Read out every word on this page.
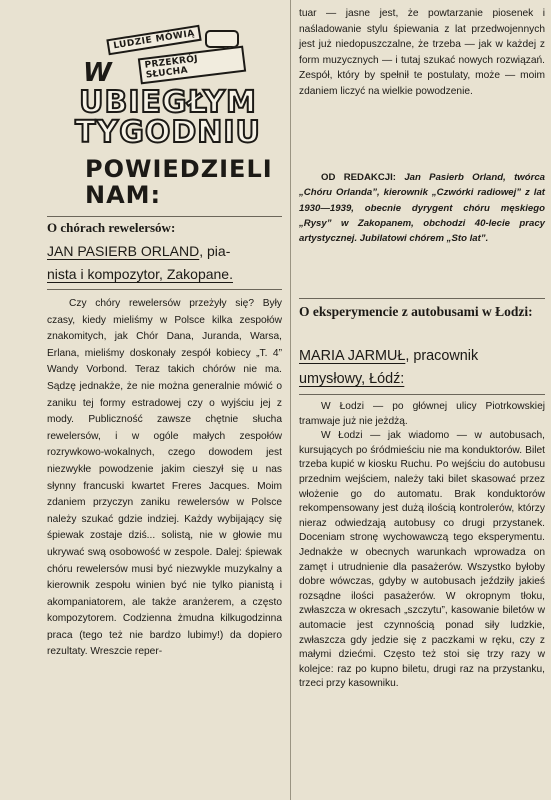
LUDZIE MÓWIĄ
PRZEKRÓJ SŁUCHA
W
UBIEGŁYM
TYGODNIU
POWIEDZIELI
NAM:
O chórach rewelersów:
JAN PASIERB ORLAND, pia-
nista i kompozytor, Zakopane.
Czy chóry rewelersów przeżyły się? Były czasy, kiedy mieliśmy w Polsce kilka zespołów znakomitych, jak Chór Dana, Juranda, Warsa, Erlana, mieliśmy doskonały zespół kobiecy „T. 4” Wandy Vorbond. Teraz takich chórów nie ma. Sądzę jednakże, że nie można generalnie mówić o zaniku tej formy estradowej czy o wyjściu jej z mody. Publiczność zawsze chętnie słucha rewelersów, i w ogóle małych zespołów rozrywkowo-wokalnych, czego dowodem jest niezwykłe powodzenie jakim cieszył się u nas słynny francuski kwartet Freres Jacques. Moim zdaniem przyczyn zaniku rewelersów w Polsce należy szukać gdzie indziej. Każdy wybijający się śpiewak zostaje dziś... solistą, nie w głowie mu ukrywać swą osobowość w zespole. Dalej: śpiewak chóru rewelersów musi być niezwykle muzykalny a kierownik zespołu winien być nie tylko pianistą i akompaniatorem, ale także aranżerem, a często kompozytorem. Codzienna żmudna kilkugodzinna praca (tego też nie bardzo lubimy!) da dopiero rezultaty. Wreszcie reper-
tuar — jasne jest, że powtarzanie piosenek i naśladowanie stylu śpiewania z lat przedwojennych jest już niedopuszczalne, że trzeba — jak w każdej z form muzycznych — i tutaj szukać nowych rozwiązań. Zespół, który by spełnił te postulaty, może — moim zdaniem liczyć na wielkie powodzenie.
OD REDAKCJI: Jan Pasierb Orland, twórca „Chóru Orlanda”, kierownik „Czwórki radiowej” z lat 1930—1939, obecnie dyrygent chóru męskiego „Rysy” w Zakopanem, obchodzi 40-lecie pracy artystycznej. Jubilatowi chórem „Sto lat”.
O eksperymencie z autobusami w Łodzi:
MARIA JARMUŁ, pracownik
umysłowy, Łódź:

W Łodzi — po głównej ulicy Piotrkowskiej tramwaje już nie jeżdżą.

W Łodzi — jak wiadomo — w autobusach, kursujących po śródmieściu nie ma konduktorów. Bilet trzeba kupić w kiosku Ruchu. Po wejściu do autobusu przednim wejściem, należy taki bilet skasować przez włożenie go do automatu. Brak konduktorów rekompensowany jest dużą ilością kontrolerów, którzy nieraz odwiedzają autobusy co drugi przystanek. Doceniam stronę wychowawczą tego eksperymentu. Jednakże w obecnych warunkach wprowadza on zamęt i utrudnienie dla pasażerów. Wszystko byłoby dobre wówczas, gdyby w autobusach jeździły jakieś rozsądne ilości pasażerów. W okropnym tłoku, zwłaszcza w okresach „szczytu”, kasowanie biletów w automacie jest czynnością ponad siły ludzkie, zwłaszcza gdy jedzie się z paczkami w ręku, czy z małymi dziećmi. Często też stoi się trzy razy w kolejce: raz po kupno biletu, drugi raz na przystanku, trzeci przy kasowniku.
